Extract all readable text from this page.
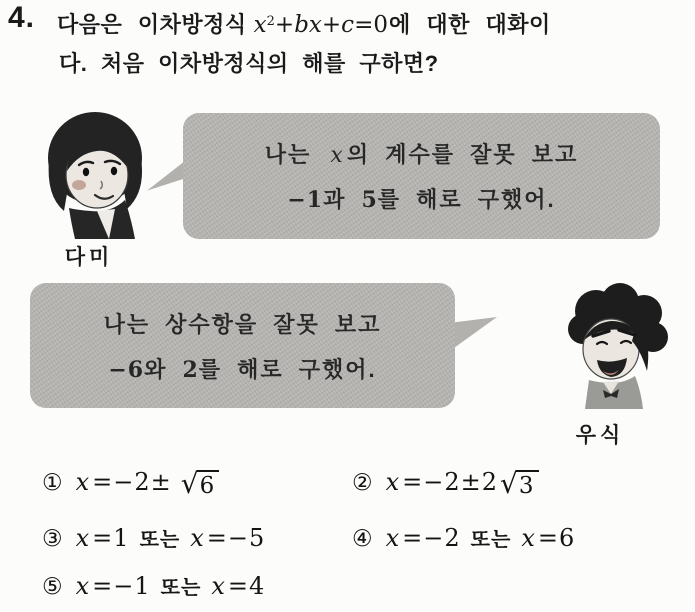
4. 다음은 이차방정식 $x^2+bx+c=0$에 대한 대화이
다. 처음 이차방정식의 해를 구하면?
다미
나는 x 의 계수를 잘못 보고
−1과 5를 해로 구했어.
나는 상수항을 잘못 보고
−6와 2를 해로 구했어.
우식
① x =−2± √ 6	② x =−2±2 √ 3
③ x =1 또는 x =−5	④ x =−2 또는 x =6
⑤ x =−1 또는 x =4
